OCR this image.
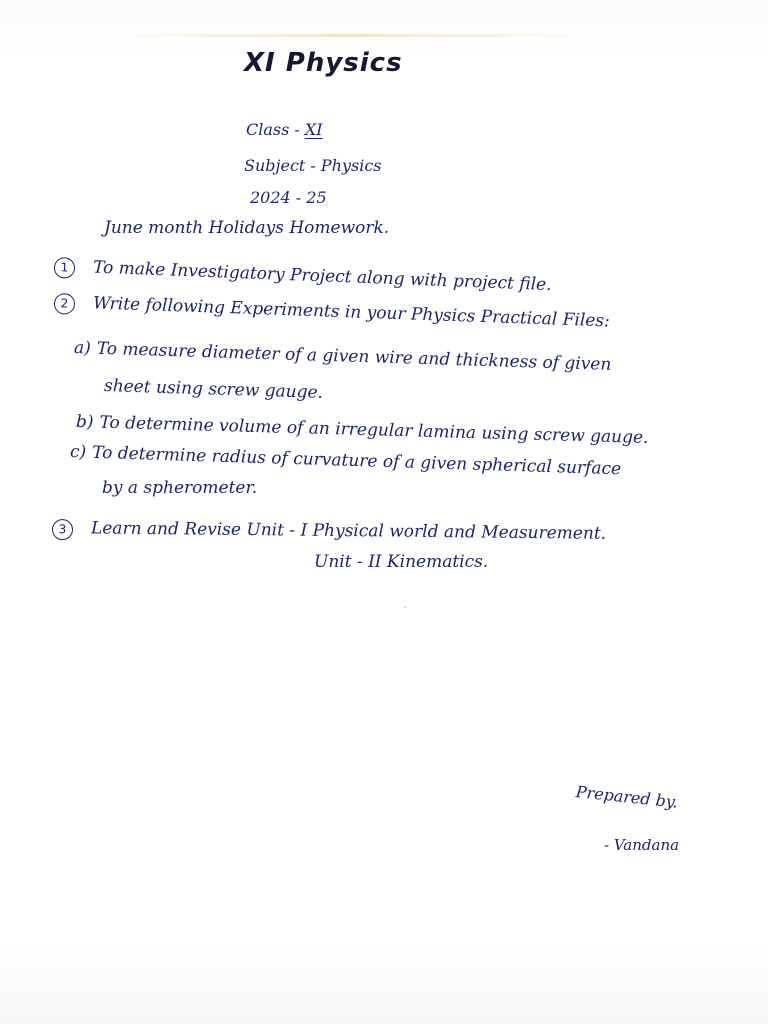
XI Physics
Class - XI
Subject - Physics
2024 - 25
June month Holidays Homework.
1 To make Investigatory Project along with project file.
2 Write following Experiments in your Physics Practical Files:
a) To measure diameter of a given wire and thickness of given
sheet using screw gauge.
b) To determine volume of an irregular lamina using screw gauge.
c) To determine radius of curvature of a given spherical surface
by a spherometer.
3 Learn and Revise Unit - I Physical world and Measurement.
Unit - II Kinematics.
Prepared by.
- Vandana
